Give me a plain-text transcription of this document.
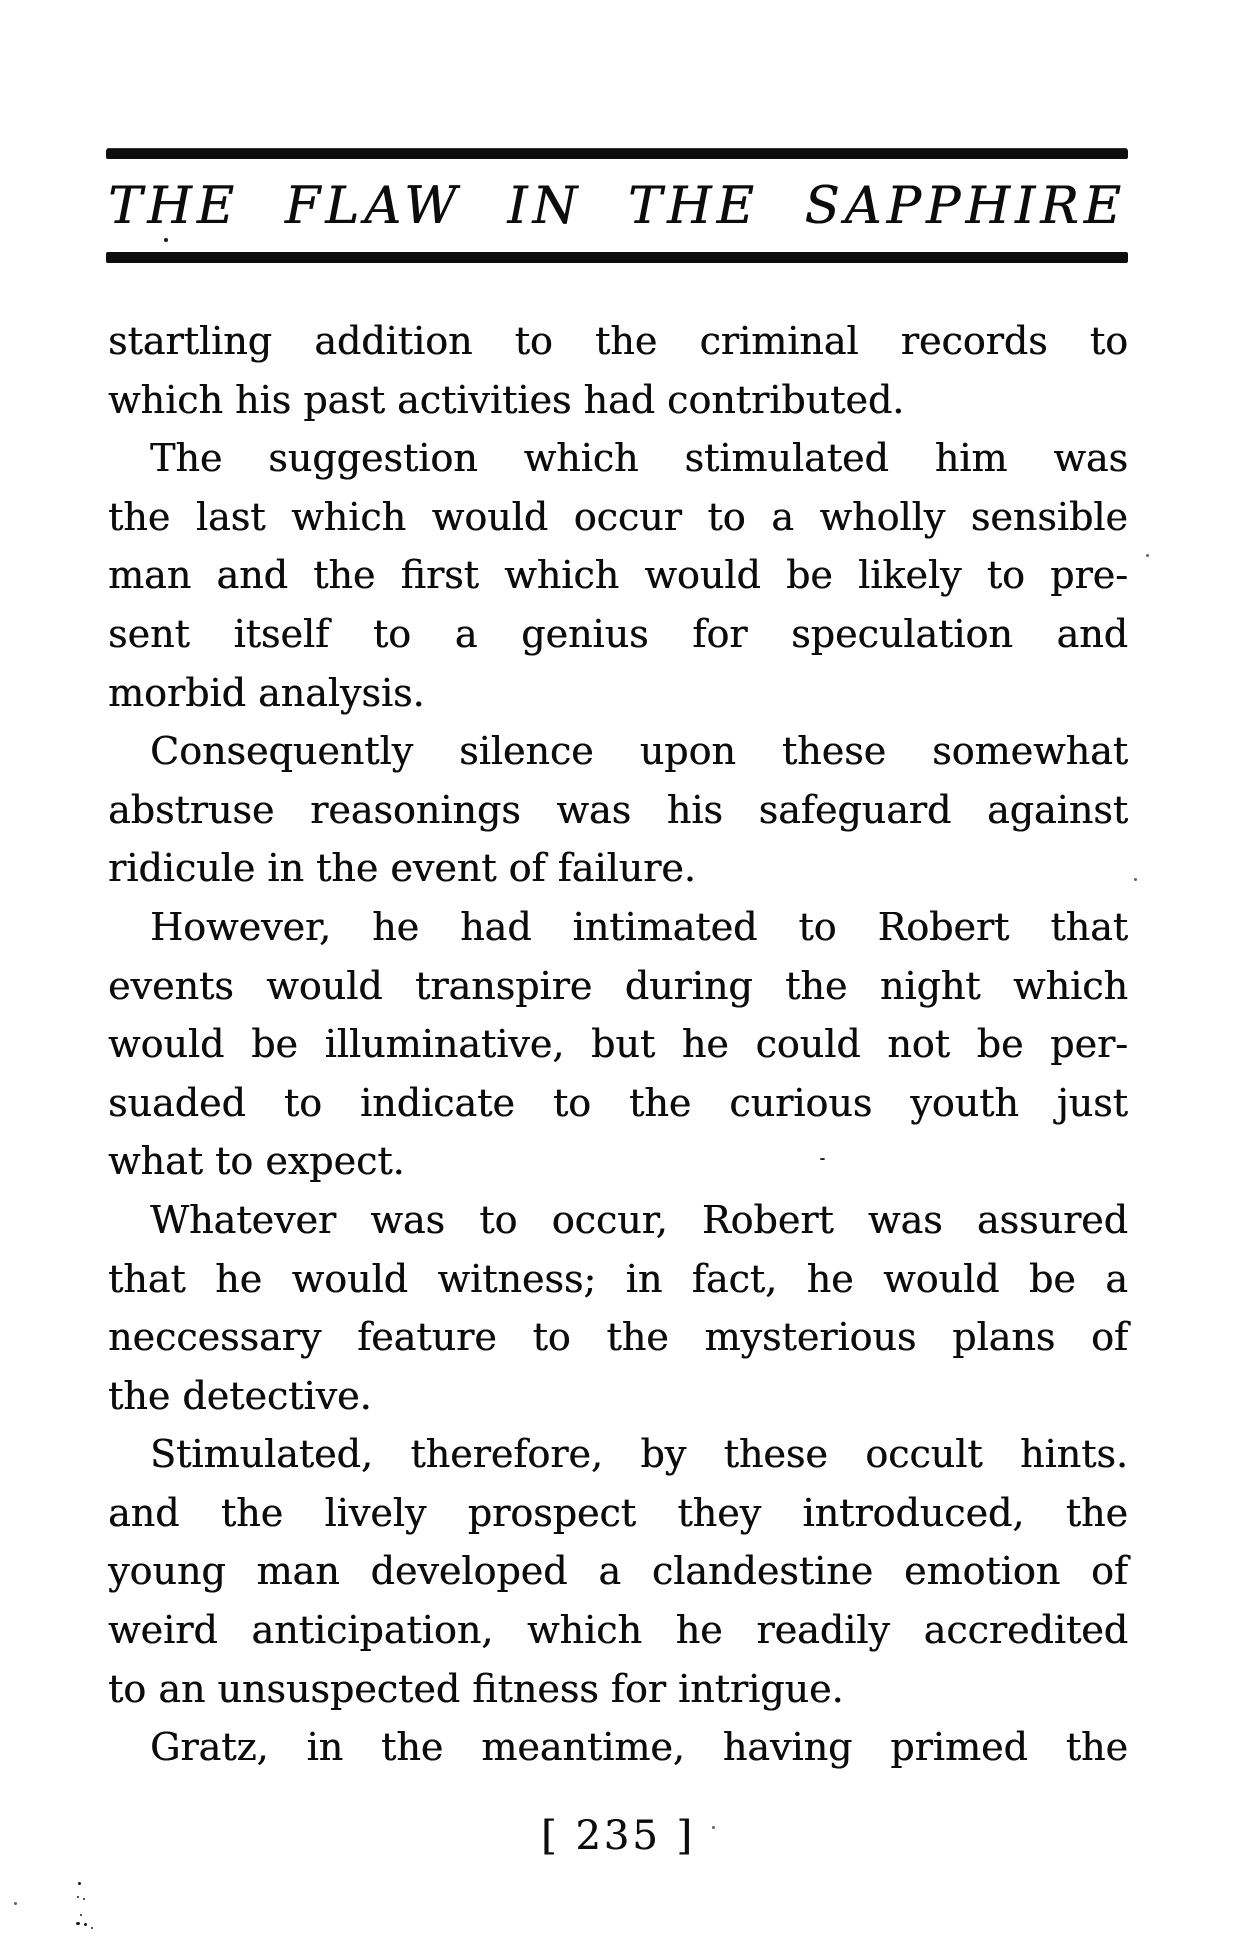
THE FLAW IN THE SAPPHIRE
startling addition to the criminal records to
which his past activities had contributed.
The suggestion which stimulated him was
the last which would occur to a wholly sensible
man and the first which would be likely to pre-
sent itself to a genius for speculation and
morbid analysis.
Consequently silence upon these somewhat
abstruse reasonings was his safeguard against
ridicule in the event of failure.
However, he had intimated to Robert that
events would transpire during the night which
would be illuminative, but he could not be per-
suaded to indicate to the curious youth just
what to expect.
Whatever was to occur, Robert was assured
that he would witness; in fact, he would be a
neccessary feature to the mysterious plans of
the detective.
Stimulated, therefore, by these occult hints.
and the lively prospect they introduced, the
young man developed a clandestine emotion of
weird anticipation, which he readily accredited
to an unsuspected fitness for intrigue.
Gratz, in the meantime, having primed the
[ 235 ]
